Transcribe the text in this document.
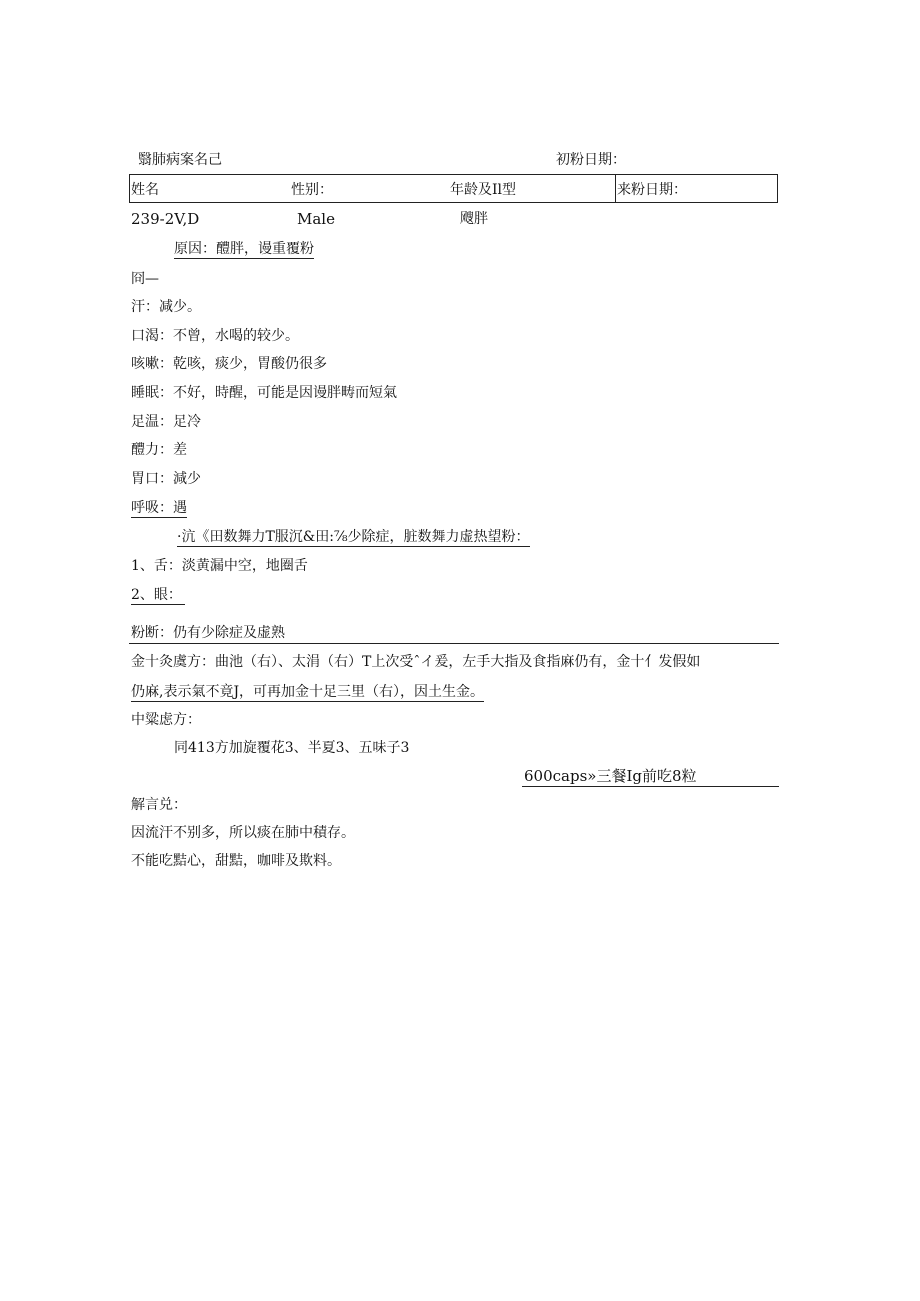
翳肺病案名己	初粉日期：
姓名	性别：	年龄及Il型	来粉日期：
239-2V,D	Male	飕胖
原因：醴胖，谩重覆粉
冏—
汗：减少。
口渴：不曾，水喝的较少。
咳嗽：乾咳，痰少，胃酸仍很多
睡眠：不好，時醒，可能是因谩胖畴而短氣
足温：足冷
醴力：差
胃口：減少
呼吸：遇
·沆《田数舞力T服沉&田:⅞少除症，脏数舞力虚热望粉：
1、舌：淡黄漏中空，地圈舌
2、眼：
粉断：仍有少除症及虚熟
金十灸虞方：曲池（右）、太涓（右）T上次受ˆイ爰，左手大指及食指麻仍有，金十亻发假如
仍麻,表示氣不竟J，可再加金十足三里（右），因土生金。
中粱虑方：
同413方加旋覆花3、半夏3、五味子3
600caps»三餐Ig前吃8粒
解言兑：
因流汗不别多，所以痰在肺中積存。
不能吃黠心，甜黠，咖啡及欺料。
